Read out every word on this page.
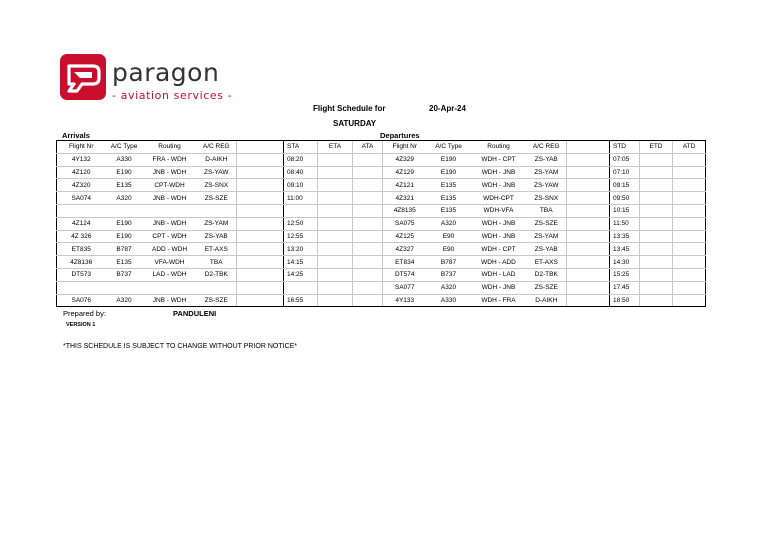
paragon
- aviation services -
Flight Schedule for	20-Apr-24
SATURDAY
Arrivals	Departures
Flight Nr	A/C Type	Routing	A/C REG		STA	ETA	ATA	Flight Nr	A/C Type	Routing	A/C REG		STD	ETD	ATD
4Y132	A330	FRA - WDH	D-AIKH		08:20			4Z329	E190	WDH - CPT	ZS-YAB		07:05		
4Z120	E190	JNB - WDH	ZS-YAW		08:40			4Z129	E190	WDH - JNB	ZS-YAM		07:10		
4Z320	E135	CPT-WDH	ZS-SNX		09:10			4Z121	E135	WDH - JNB	ZS-YAW		09:15		
SA074	A320	JNB - WDH	ZS-SZE		11:00			4Z321	E135	WDH-CPT	ZS-SNX		09:50		
								4Z8135	E135	WDH-VFA	TBA		10:15		
4Z124	E190	JNB - WDH	ZS-YAM		12:50			SA075	A320	WDH - JNB	ZS-SZE		11:50		
4Z 326	E190	CPT - WDH	ZS-YAB		12:55			4Z125	E90	WDH - JNB	ZS-YAM		13:35		
ET835	B787	ADD - WDH	ET-AXS		13:20			4Z327	E90	WDH - CPT	ZS-YAB		13:45		
4Z8136	E135	VFA-WDH	TBA		14:15			ET834	B787	WDH - ADD	ET-AXS		14:30		
DT573	B737	LAD - WDH	D2-TBK		14:25			DT574	B737	WDH - LAD	D2-TBK		15:25		
								SA077	A320	WDH - JNB	ZS-SZE		17:45		
SA076	A320	JNB - WDH	ZS-SZE		16:55			4Y133	A330	WDH - FRA	D-AIKH		18:50		
Prepared by:	PANDULENI
VERSION 1
*THIS SCHEDULE IS SUBJECT TO CHANGE WITHOUT PRIOR NOTICE*
